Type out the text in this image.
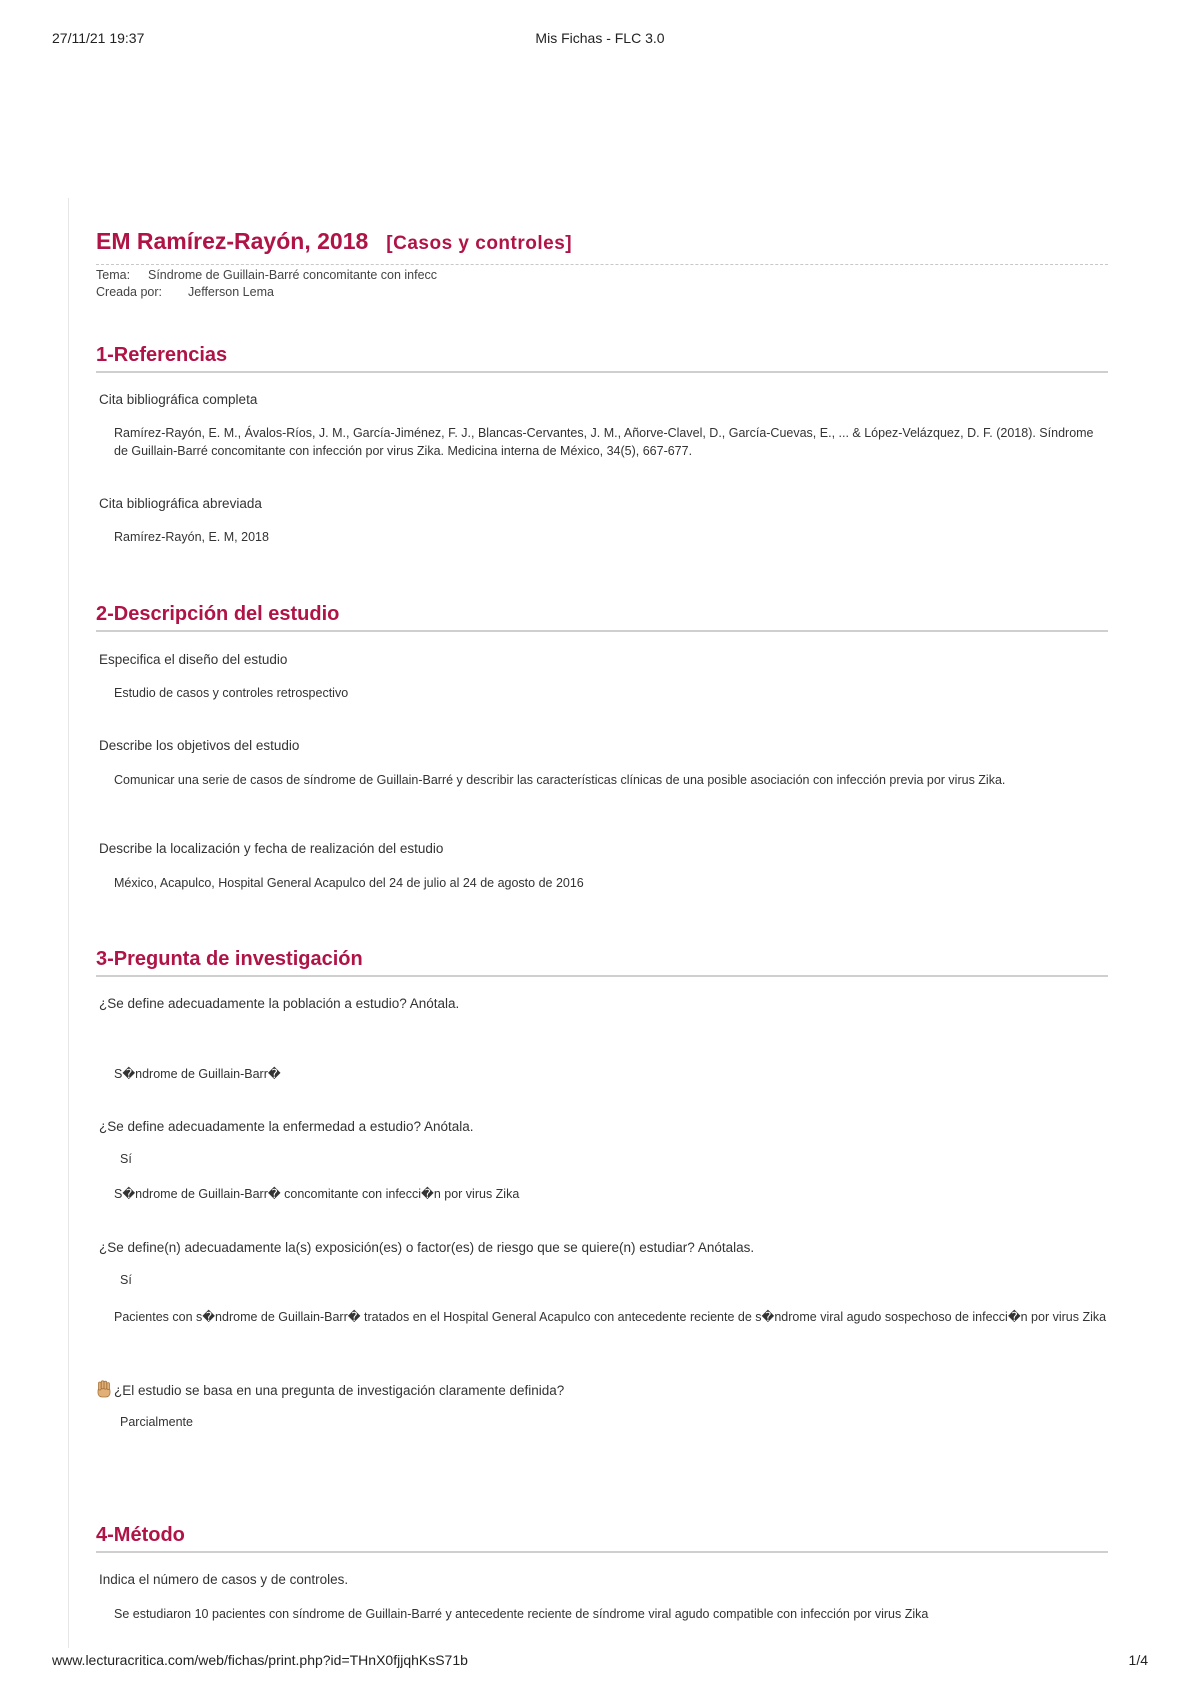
27/11/21 19:37	Mis Fichas - FLC 3.0
EM Ramírez-Rayón, 2018 [Casos y controles]
Tema: Síndrome de Guillain-Barré concomitante con infecc
Creada por: Jefferson Lema
1-Referencias
Cita bibliográfica completa
Ramírez-Rayón, E. M., Ávalos-Ríos, J. M., García-Jiménez, F. J., Blancas-Cervantes, J. M., Añorve-Clavel, D., García-Cuevas, E., ... & López-Velázquez, D. F. (2018). Síndrome de Guillain-Barré concomitante con infección por virus Zika. Medicina interna de México, 34(5), 667-677.
Cita bibliográfica abreviada
Ramírez-Rayón, E. M, 2018
2-Descripción del estudio
Especifica el diseño del estudio
Estudio de casos y controles retrospectivo
Describe los objetivos del estudio
Comunicar una serie de casos de síndrome de Guillain-Barré y describir las características clínicas de una posible asociación con infección previa por virus Zika.
Describe la localización y fecha de realización del estudio
México, Acapulco, Hospital General Acapulco del 24 de julio al 24 de agosto de 2016
3-Pregunta de investigación
¿Se define adecuadamente la población a estudio? Anótala.
S�ndrome de Guillain-Barr�
¿Se define adecuadamente la enfermedad a estudio? Anótala.
Sí
S�ndrome de Guillain-Barr� concomitante con infecci�n por virus Zika
¿Se define(n) adecuadamente la(s) exposición(es) o factor(es) de riesgo que se quiere(n) estudiar? Anótalas.
Sí
Pacientes con s�ndrome de Guillain-Barr� tratados en el Hospital General Acapulco con antecedente reciente de s�ndrome viral agudo sospechoso de infecci�n por virus Zika
¿El estudio se basa en una pregunta de investigación claramente definida?
Parcialmente
4-Método
Indica el número de casos y de controles.
Se estudiaron 10 pacientes con síndrome de Guillain-Barré y antecedente reciente de síndrome viral agudo compatible con infección por virus Zika
www.lecturacritica.com/web/fichas/print.php?id=THnX0fjjqhKsS71b	1/4
